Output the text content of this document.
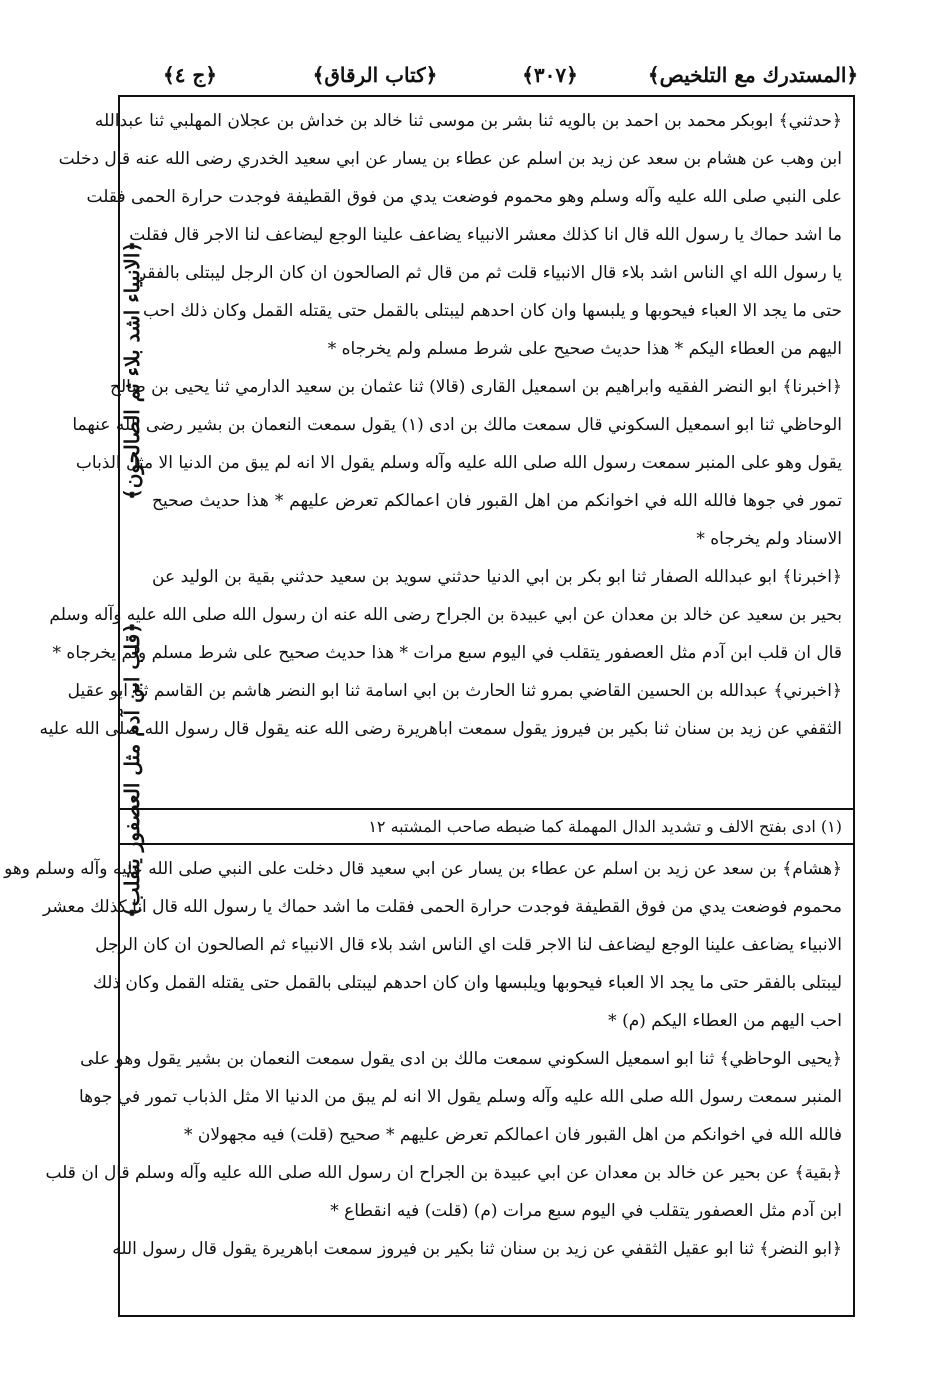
﴿المستدرك مع التلخيص﴾
﴿٣٠٧﴾
﴿كتاب الرقاق﴾
﴿ج ٤﴾
﴿الانبياء اشد بلاء ثم الصالحون﴾
﴿قلب ابن آدم مثل العصفور يتقلب﴾
﴿حدثني﴾ ابوبكر محمد بن احمد بن بالويه ثنا بشر بن موسى ثنا خالد بن خداش بن عجلان المهلبي ثنا عبدالله
ابن وهب عن هشام بن سعد عن زيد بن اسلم عن عطاء بن يسار عن ابي سعيد الخدري رضى الله عنه قال دخلت
على النبي صلى الله عليه وآله وسلم وهو محموم فوضعت يدي من فوق القطيفة فوجدت حرارة الحمى فقلت
ما اشد حماك يا رسول الله قال انا كذلك معشر الانبياء يضاعف علينا الوجع ليضاعف لنا الاجر قال فقلت
يا رسول الله اي الناس اشد بلاء قال الانبياء قلت ثم من قال ثم الصالحون ان كان الرجل ليبتلى بالفقر
حتى ما يجد الا العباء فيحوبها و يلبسها وان كان احدهم ليبتلى بالقمل حتى يقتله القمل وكان ذلك احب
اليهم من العطاء اليكم * هذا حديث صحيح على شرط مسلم ولم يخرجاه *
﴿اخبرنا﴾ ابو النضر الفقيه وابراهيم بن اسمعيل القارى (قالا) ثنا عثمان بن سعيد الدارمي ثنا يحيى بن صالح
الوحاظي ثنا ابو اسمعيل السكوني قال سمعت مالك بن ادى (١) يقول سمعت النعمان بن بشير رضى الله عنهما
يقول وهو على المنبر سمعت رسول الله صلى الله عليه وآله وسلم يقول الا انه لم يبق من الدنيا الا مثل الذباب
تمور في جوها فالله الله في اخوانكم من اهل القبور فان اعمالكم تعرض عليهم * هذا حديث صحيح
الاسناد ولم يخرجاه *
﴿اخبرنا﴾ ابو عبدالله الصفار ثنا ابو بكر بن ابي الدنيا حدثني سويد بن سعيد حدثني بقية بن الوليد عن
بحير بن سعيد عن خالد بن معدان عن ابي عبيدة بن الجراح رضى الله عنه ان رسول الله صلى الله عليه وآله وسلم
قال ان قلب ابن آدم مثل العصفور يتقلب في اليوم سبع مرات * هذا حديث صحيح على شرط مسلم ولم يخرجاه *
﴿اخبرني﴾ عبدالله بن الحسين القاضي بمرو ثنا الحارث بن ابي اسامة ثنا ابو النضر هاشم بن القاسم ثنا ابو عقيل
الثقفي عن زيد بن سنان ثنا بكير بن فيروز يقول سمعت اباهريرة رضى الله عنه يقول قال رسول الله صلى الله عليه
(١) ادى بفتح الالف و تشديد الدال المهملة كما ضبطه صاحب المشتبه ١٢
﴿هشام﴾ بن سعد عن زيد بن اسلم عن عطاء بن يسار عن ابي سعيد قال دخلت على النبي صلى الله عليه وآله وسلم وهو
محموم فوضعت يدي من فوق القطيفة فوجدت حرارة الحمى فقلت ما اشد حماك يا رسول الله قال انا كذلك معشر
الانبياء يضاعف علينا الوجع ليضاعف لنا الاجر قلت اي الناس اشد بلاء قال الانبياء ثم الصالحون ان كان الرجل
ليبتلى بالفقر حتى ما يجد الا العباء فيحوبها ويلبسها وان كان احدهم ليبتلى بالقمل حتى يقتله القمل وكان ذلك
احب اليهم من العطاء اليكم (م) *
﴿يحيى الوحاظي﴾ ثنا ابو اسمعيل السكوني سمعت مالك بن ادى يقول سمعت النعمان بن بشير يقول وهو على
المنبر سمعت رسول الله صلى الله عليه وآله وسلم يقول الا انه لم يبق من الدنيا الا مثل الذباب تمور في جوها
فالله الله في اخوانكم من اهل القبور فان اعمالكم تعرض عليهم * صحيح (قلت) فيه مجهولان *
﴿بقية﴾ عن بحير عن خالد بن معدان عن ابي عبيدة بن الجراح ان رسول الله صلى الله عليه وآله وسلم قال ان قلب
ابن آدم مثل العصفور يتقلب في اليوم سبع مرات (م) (قلت) فيه انقطاع *
﴿ابو النضر﴾ ثنا ابو عقيل الثقفي عن زيد بن سنان ثنا بكير بن فيروز سمعت اباهريرة يقول قال رسول الله
